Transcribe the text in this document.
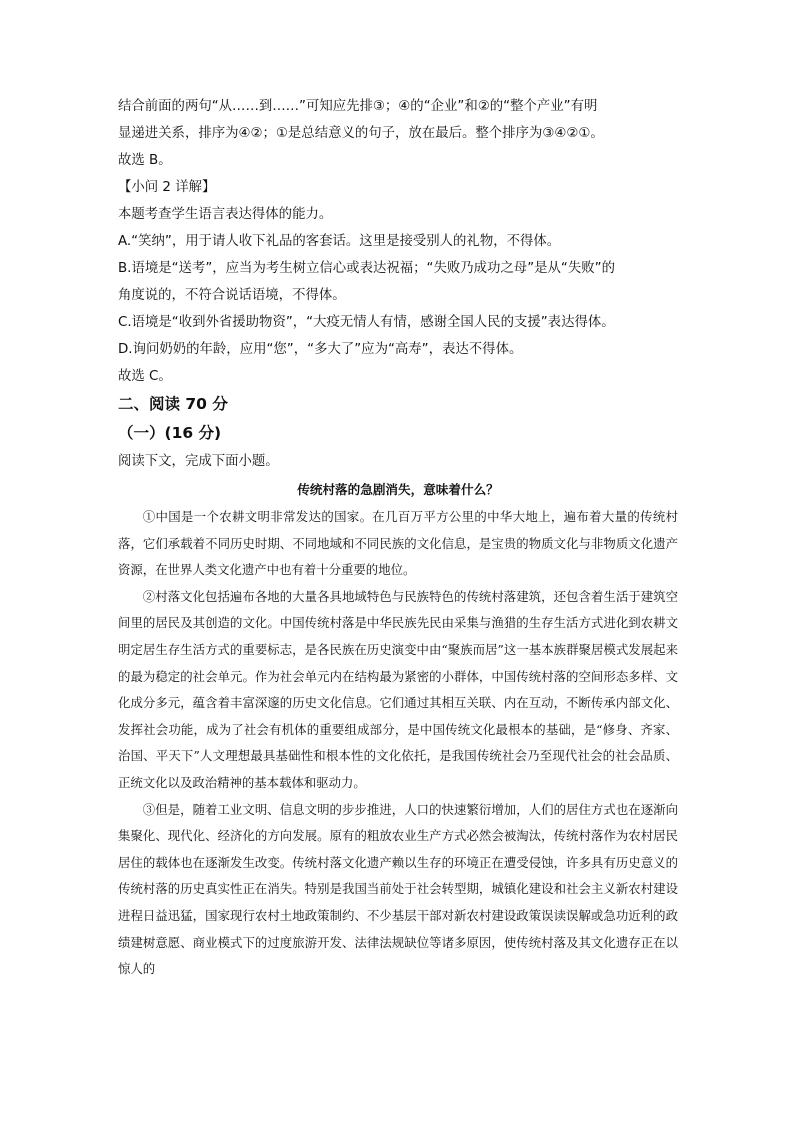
结合前面的两句“从……到……”可知应先排③；④的“企业”和②的“整个产业”有明
显递进关系，排序为④②；①是总结意义的句子，放在最后。整个排序为③④②①。
故选 B。
【小问 2 详解】
本题考查学生语言表达得体的能力。
A.“笑纳”，用于请人收下礼品的客套话。这里是接受别人的礼物，不得体。
B.语境是“送考”，应当为考生树立信心或表达祝福；“失败乃成功之母”是从“失败”的
角度说的，不符合说话语境，不得体。
C.语境是“收到外省援助物资”，“大疫无情人有情，感谢全国人民的支援”表达得体。
D.询问奶奶的年龄，应用“您”，“多大了”应为“高寿”，表达不得体。
故选 C。
二、阅读 70 分
（一）(16 分)
阅读下文，完成下面小题。
传统村落的急剧消失，意味着什么？

①中国是一个农耕文明非常发达的国家。在几百万平方公里的中华大地上，遍布着大量的传统村落，它们承载着不同历史时期、不同地域和不同民族的文化信息，是宝贵的物质文化与非物质文化遗产资源，在世界人类文化遗产中也有着十分重要的地位。

②村落文化包括遍布各地的大量各具地域特色与民族特色的传统村落建筑，还包含着生活于建筑空间里的居民及其创造的文化。中国传统村落是中华民族先民由采集与渔猎的生存生活方式进化到农耕文明定居生存生活方式的重要标志，是各民族在历史演变中由“聚族而居”这一基本族群聚居模式发展起来的最为稳定的社会单元。作为社会单元内在结构最为紧密的小群体，中国传统村落的空间形态多样、文化成分多元，蕴含着丰富深邃的历史文化信息。它们通过其相互关联、内在互动，不断传承内部文化、发挥社会功能，成为了社会有机体的重要组成部分，是中国传统文化最根本的基础，是“修身、齐家、治国、平天下”人文理想最具基础性和根本性的文化依托，是我国传统社会乃至现代社会的社会品质、正统文化以及政治精神的基本载体和驱动力。

③但是，随着工业文明、信息文明的步步推进，人口的快速繁衍增加，人们的居住方式也在逐渐向集聚化、现代化、经济化的方向发展。原有的粗放农业生产方式必然会被淘汰，传统村落作为农村居民居住的载体也在逐渐发生改变。传统村落文化遗产赖以生存的环境正在遭受侵蚀，许多具有历史意义的传统村落的历史真实性正在消失。特别是我国当前处于社会转型期，城镇化建设和社会主义新农村建设进程日益迅猛，国家现行农村土地政策制约、不少基层干部对新农村建设政策误读误解或急功近利的政绩建树意愿、商业模式下的过度旅游开发、法律法规缺位等诸多原因，使传统村落及其文化遗存正在以惊人的
